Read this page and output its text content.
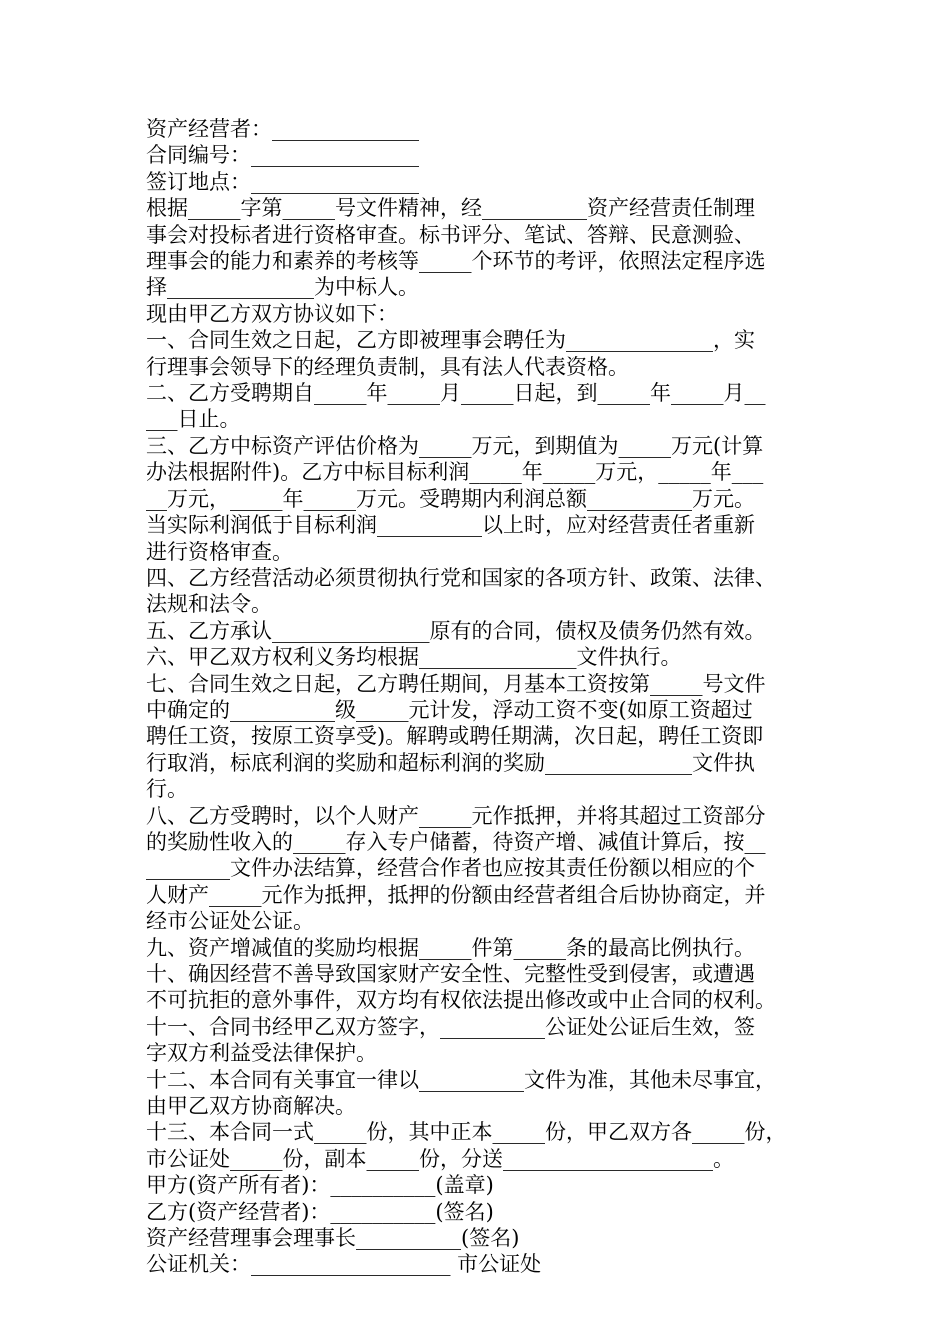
资产经营者：______________
合同编号：________________
签订地点：________________
根据_____字第_____号文件精神，经__________资产经营责任制理
事会对投标者进行资格审查。标书评分、笔试、答辩、民意测验、
理事会的能力和素养的考核等_____个环节的考评，依照法定程序选
择______________为中标人。
现由甲乙方双方协议如下：
一、合同生效之日起，乙方即被理事会聘任为______________，实
行理事会领导下的经理负责制，具有法人代表资格。
二、乙方受聘期自_____年_____月_____日起，到_____年_____月__
___日止。
三、乙方中标资产评估价格为_____万元，到期值为_____万元(计算
办法根据附件)。乙方中标目标利润_____年_____万元，_____年___
__万元，_____年_____万元。受聘期内利润总额__________万元。
当实际利润低于目标利润__________以上时，应对经营责任者重新
进行资格审查。
四、乙方经营活动必须贯彻执行党和国家的各项方针、政策、法律、
法规和法令。
五、乙方承认_______________原有的合同，债权及债务仍然有效。
六、甲乙双方权利义务均根据_______________文件执行。
七、合同生效之日起，乙方聘任期间，月基本工资按第_____号文件
中确定的__________级_____元计发，浮动工资不变(如原工资超过
聘任工资，按原工资享受)。解聘或聘任期满，次日起，聘任工资即
行取消，标底利润的奖励和超标利润的奖励______________文件执
行。
八、乙方受聘时，以个人财产_____元作抵押，并将其超过工资部分
的奖励性收入的_____存入专户储蓄，待资产增、减值计算后，按__
________文件办法结算，经营合作者也应按其责任份额以相应的个
人财产_____元作为抵押，抵押的份额由经营者组合后协协商定，并
经市公证处公证。
九、资产增减值的奖励均根据_____件第_____条的最高比例执行。
十、确因经营不善导致国家财产安全性、完整性受到侵害，或遭遇
不可抗拒的意外事件，双方均有权依法提出修改或中止合同的权利。
十一、合同书经甲乙双方签字，__________公证处公证后生效，签
字双方利益受法律保护。
十二、本合同有关事宜一律以__________文件为准，其他未尽事宜，
由甲乙双方协商解决。
十三、本合同一式_____份，其中正本_____份，甲乙双方各_____份，
市公证处_____份，副本_____份，分送____________________。
甲方(资产所有者)：__________(盖章)
乙方(资产经营者)：__________(签名)
资产经营理事会理事长__________(签名)
公证机关：___________________ 市公证处
